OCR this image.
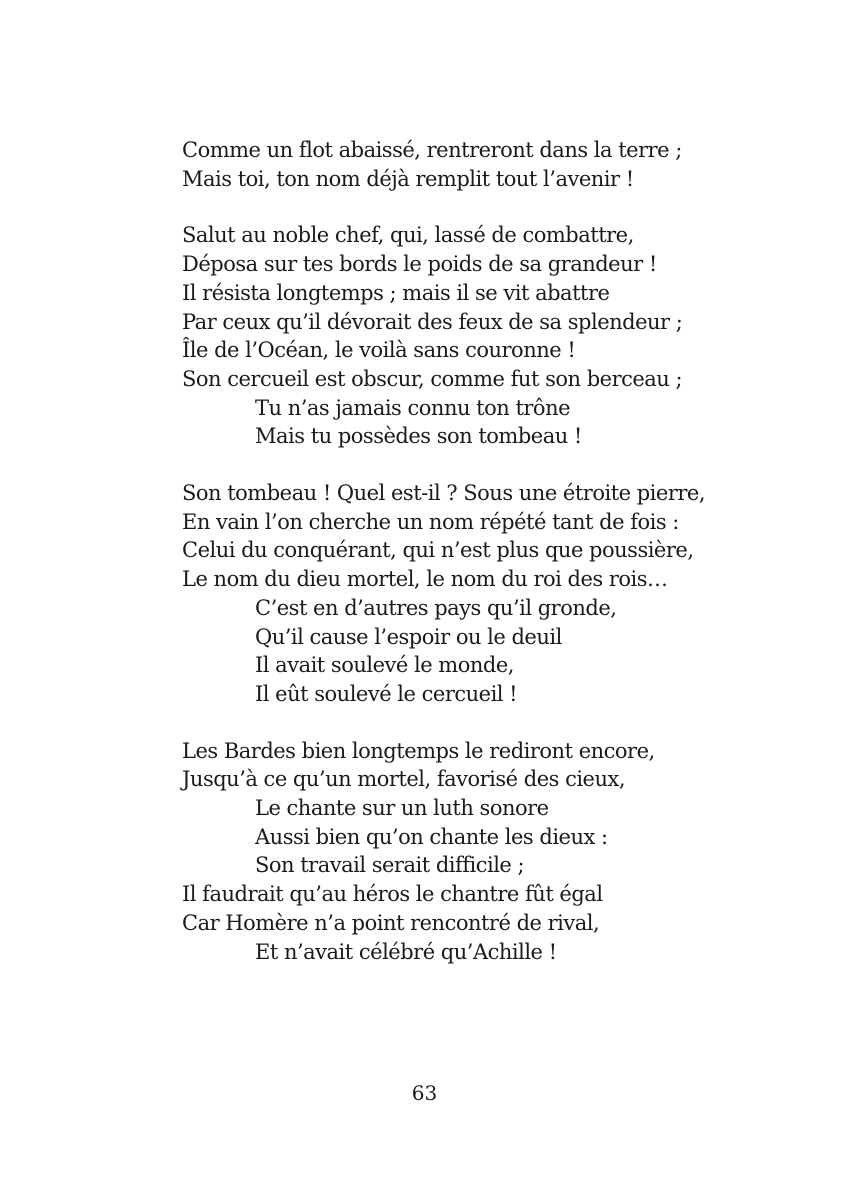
Comme un flot abaissé, rentreront dans la terre ;
Mais toi, ton nom déjà remplit tout l’avenir !
Salut au noble chef, qui, lassé de combattre,
Déposa sur tes bords le poids de sa grandeur !
Il résista longtemps ; mais il se vit abattre
Par ceux qu’il dévorait des feux de sa splendeur ;
Île de l’Océan, le voilà sans couronne !
Son cercueil est obscur, comme fut son berceau ;
Tu n’as jamais connu ton trône
Mais tu possèdes son tombeau !
Son tombeau ! Quel est-il ? Sous une étroite pierre,
En vain l’on cherche un nom répété tant de fois :
Celui du conquérant, qui n’est plus que poussière,
Le nom du dieu mortel, le nom du roi des rois…
C’est en d’autres pays qu’il gronde,
Qu’il cause l’espoir ou le deuil
Il avait soulevé le monde,
Il eût soulevé le cercueil !
Les Bardes bien longtemps le rediront encore,
Jusqu’à ce qu’un mortel, favorisé des cieux,
Le chante sur un luth sonore
Aussi bien qu’on chante les dieux :
Son travail serait difficile ;
Il faudrait qu’au héros le chantre fût égal
Car Homère n’a point rencontré de rival,
Et n’avait célébré qu’Achille !
63
